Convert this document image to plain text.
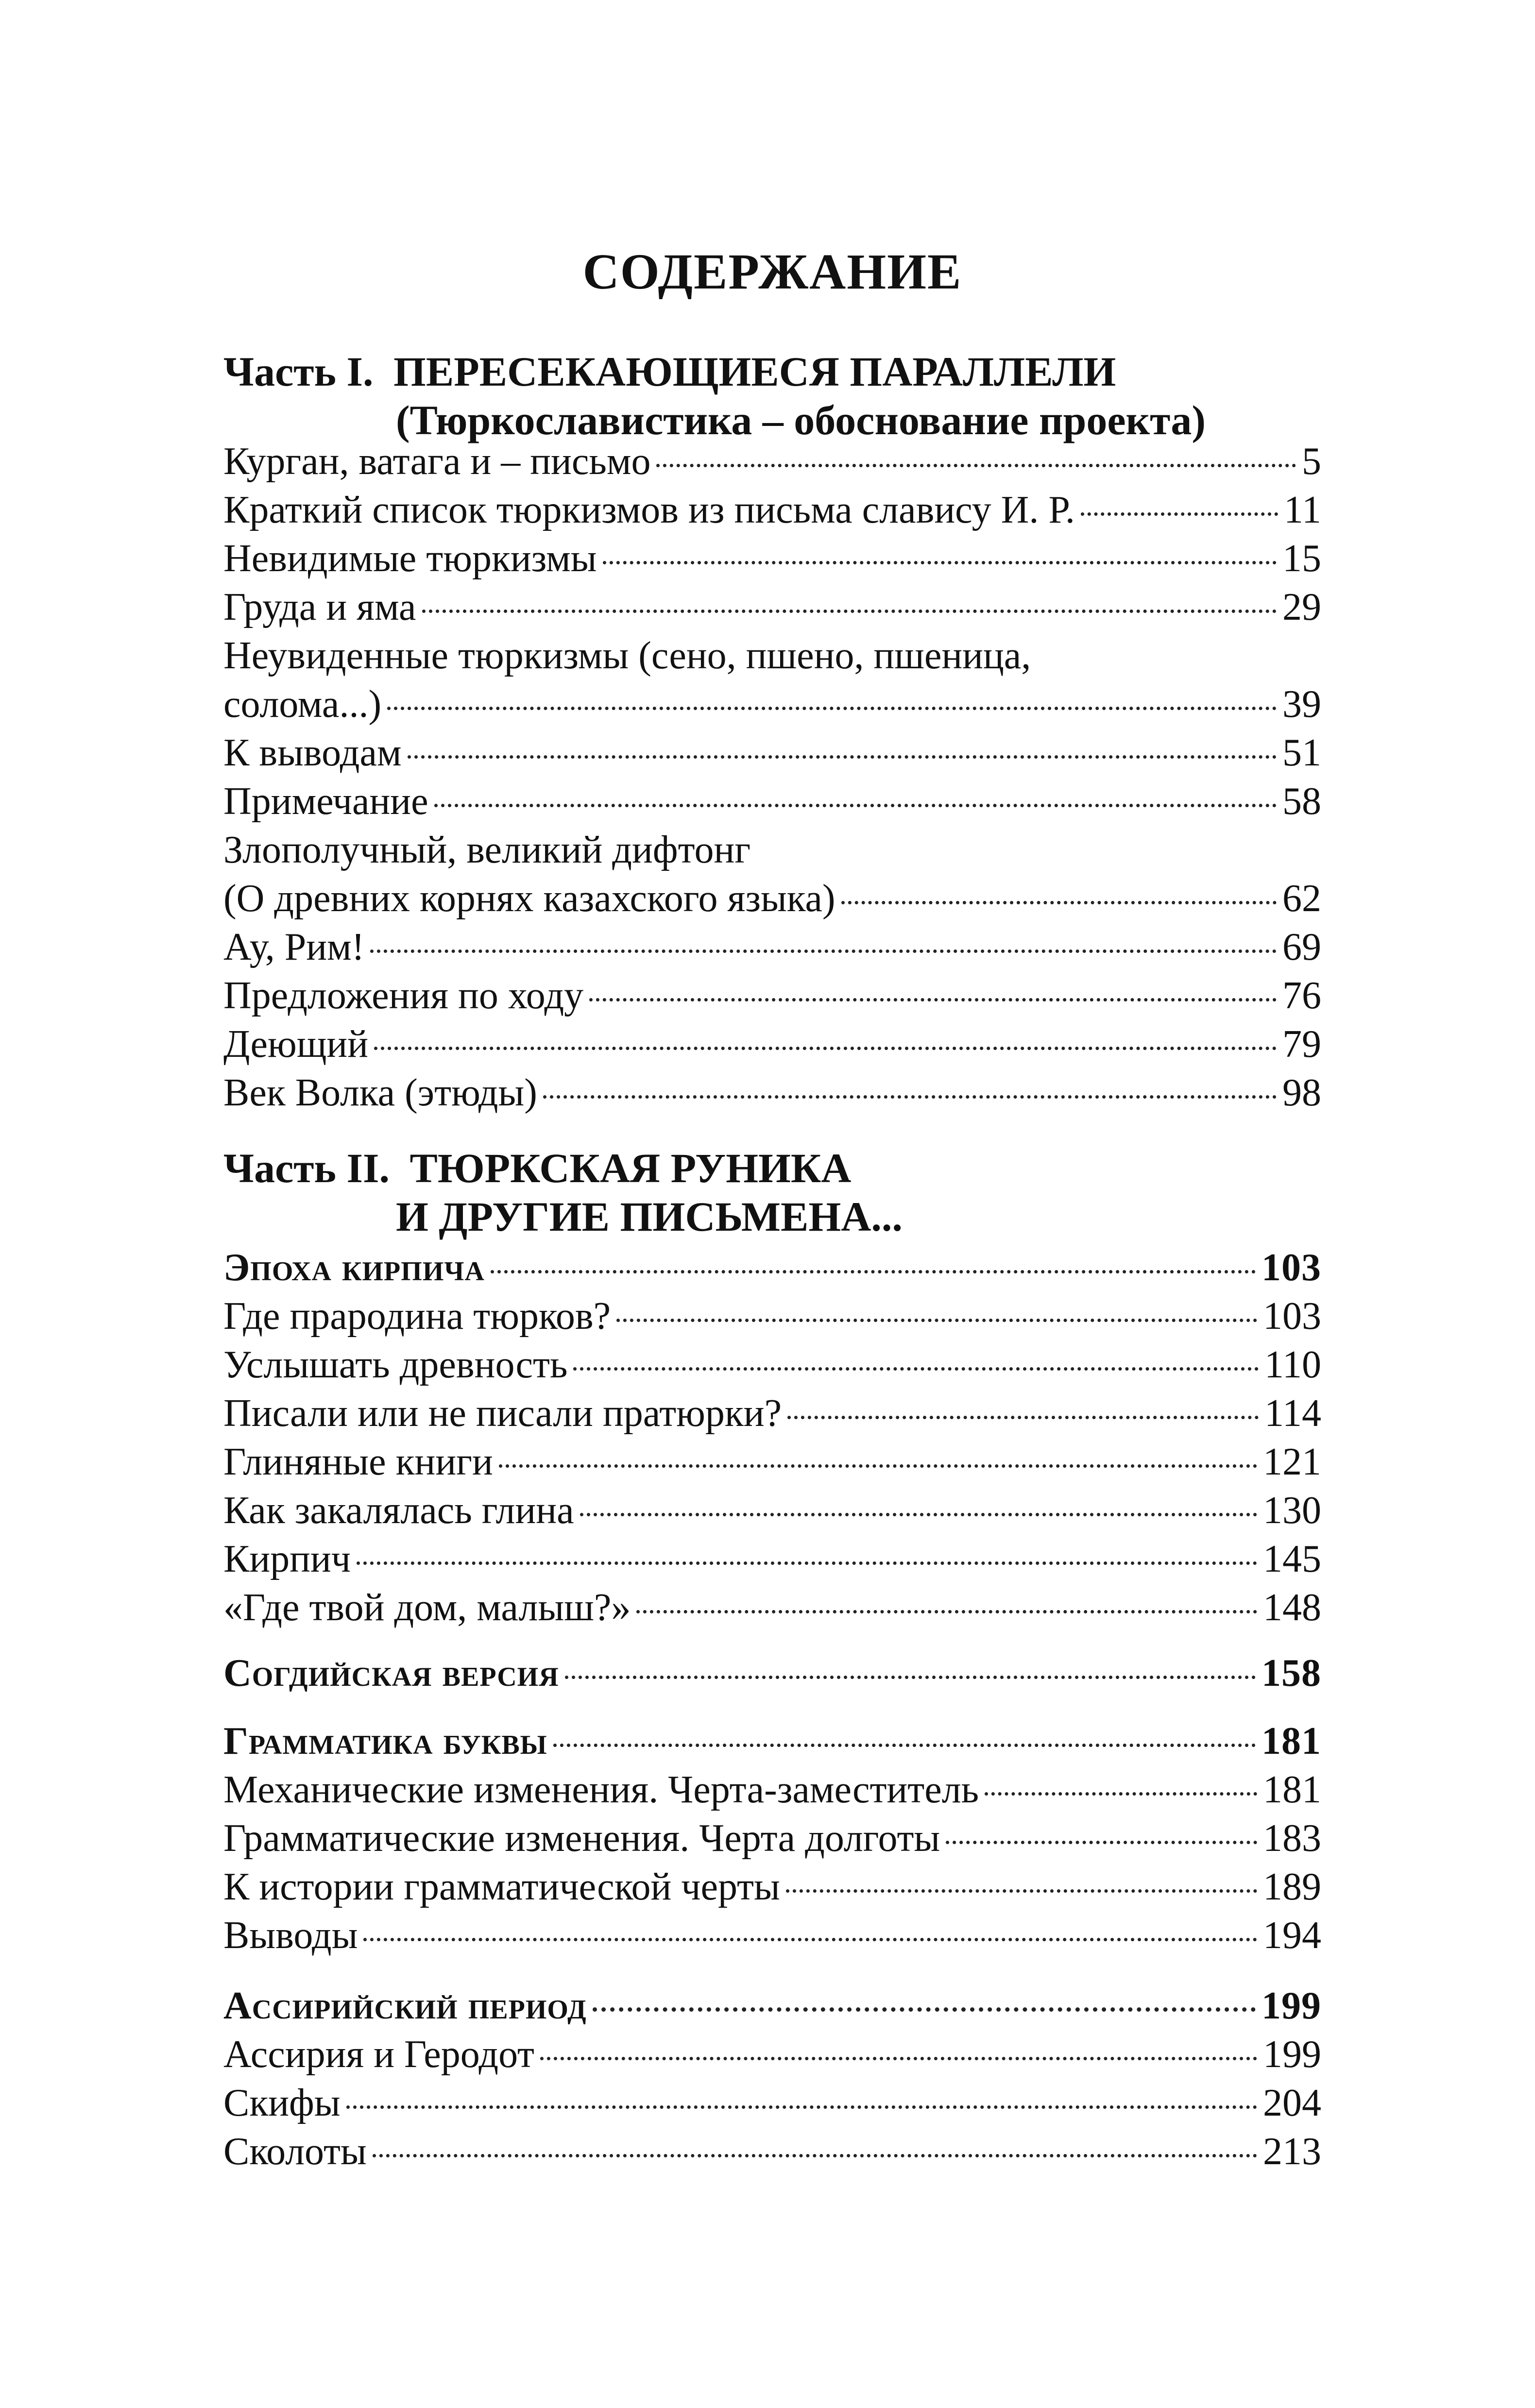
СОДЕРЖАНИЕ
Часть I. ПЕРЕСЕКАЮЩИЕСЯ ПАРАЛЛЕЛИ
(Тюркославистика – обоснование проекта)
Курган, ватага и – письмо	5
Краткий список тюркизмов из письма славису И. Р.	11
Невидимые тюркизмы	15
Груда и яма	29
Неувиденные тюркизмы (сено, пшено, пшеница,
солома...)	39
К выводам	51
Примечание	58
Злополучный, великий дифтонг
(О древних корнях казахского языка)	62
Ау, Рим!	69
Предложения по ходу	76
Деющий	79
Век Волка (этюды)	98
Часть II. ТЮРКСКАЯ РУНИКА
И ДРУГИЕ ПИСЬМЕНА...
Эпоха кирпича	103
Где прародина тюрков?	103
Услышать древность	110
Писали или не писали пратюрки?	114
Глиняные книги	121
Как закалялась глина	130
Кирпич	145
«Где твой дом, малыш?»	148
Согдийская версия	158
Грамматика буквы	181
Механические изменения. Черта-заместитель	181
Грамматические изменения. Черта долготы	183
К истории грамматической черты	189
Выводы	194
Ассирийский период	199
Ассирия и Геродот	199
Скифы	204
Сколоты	213
